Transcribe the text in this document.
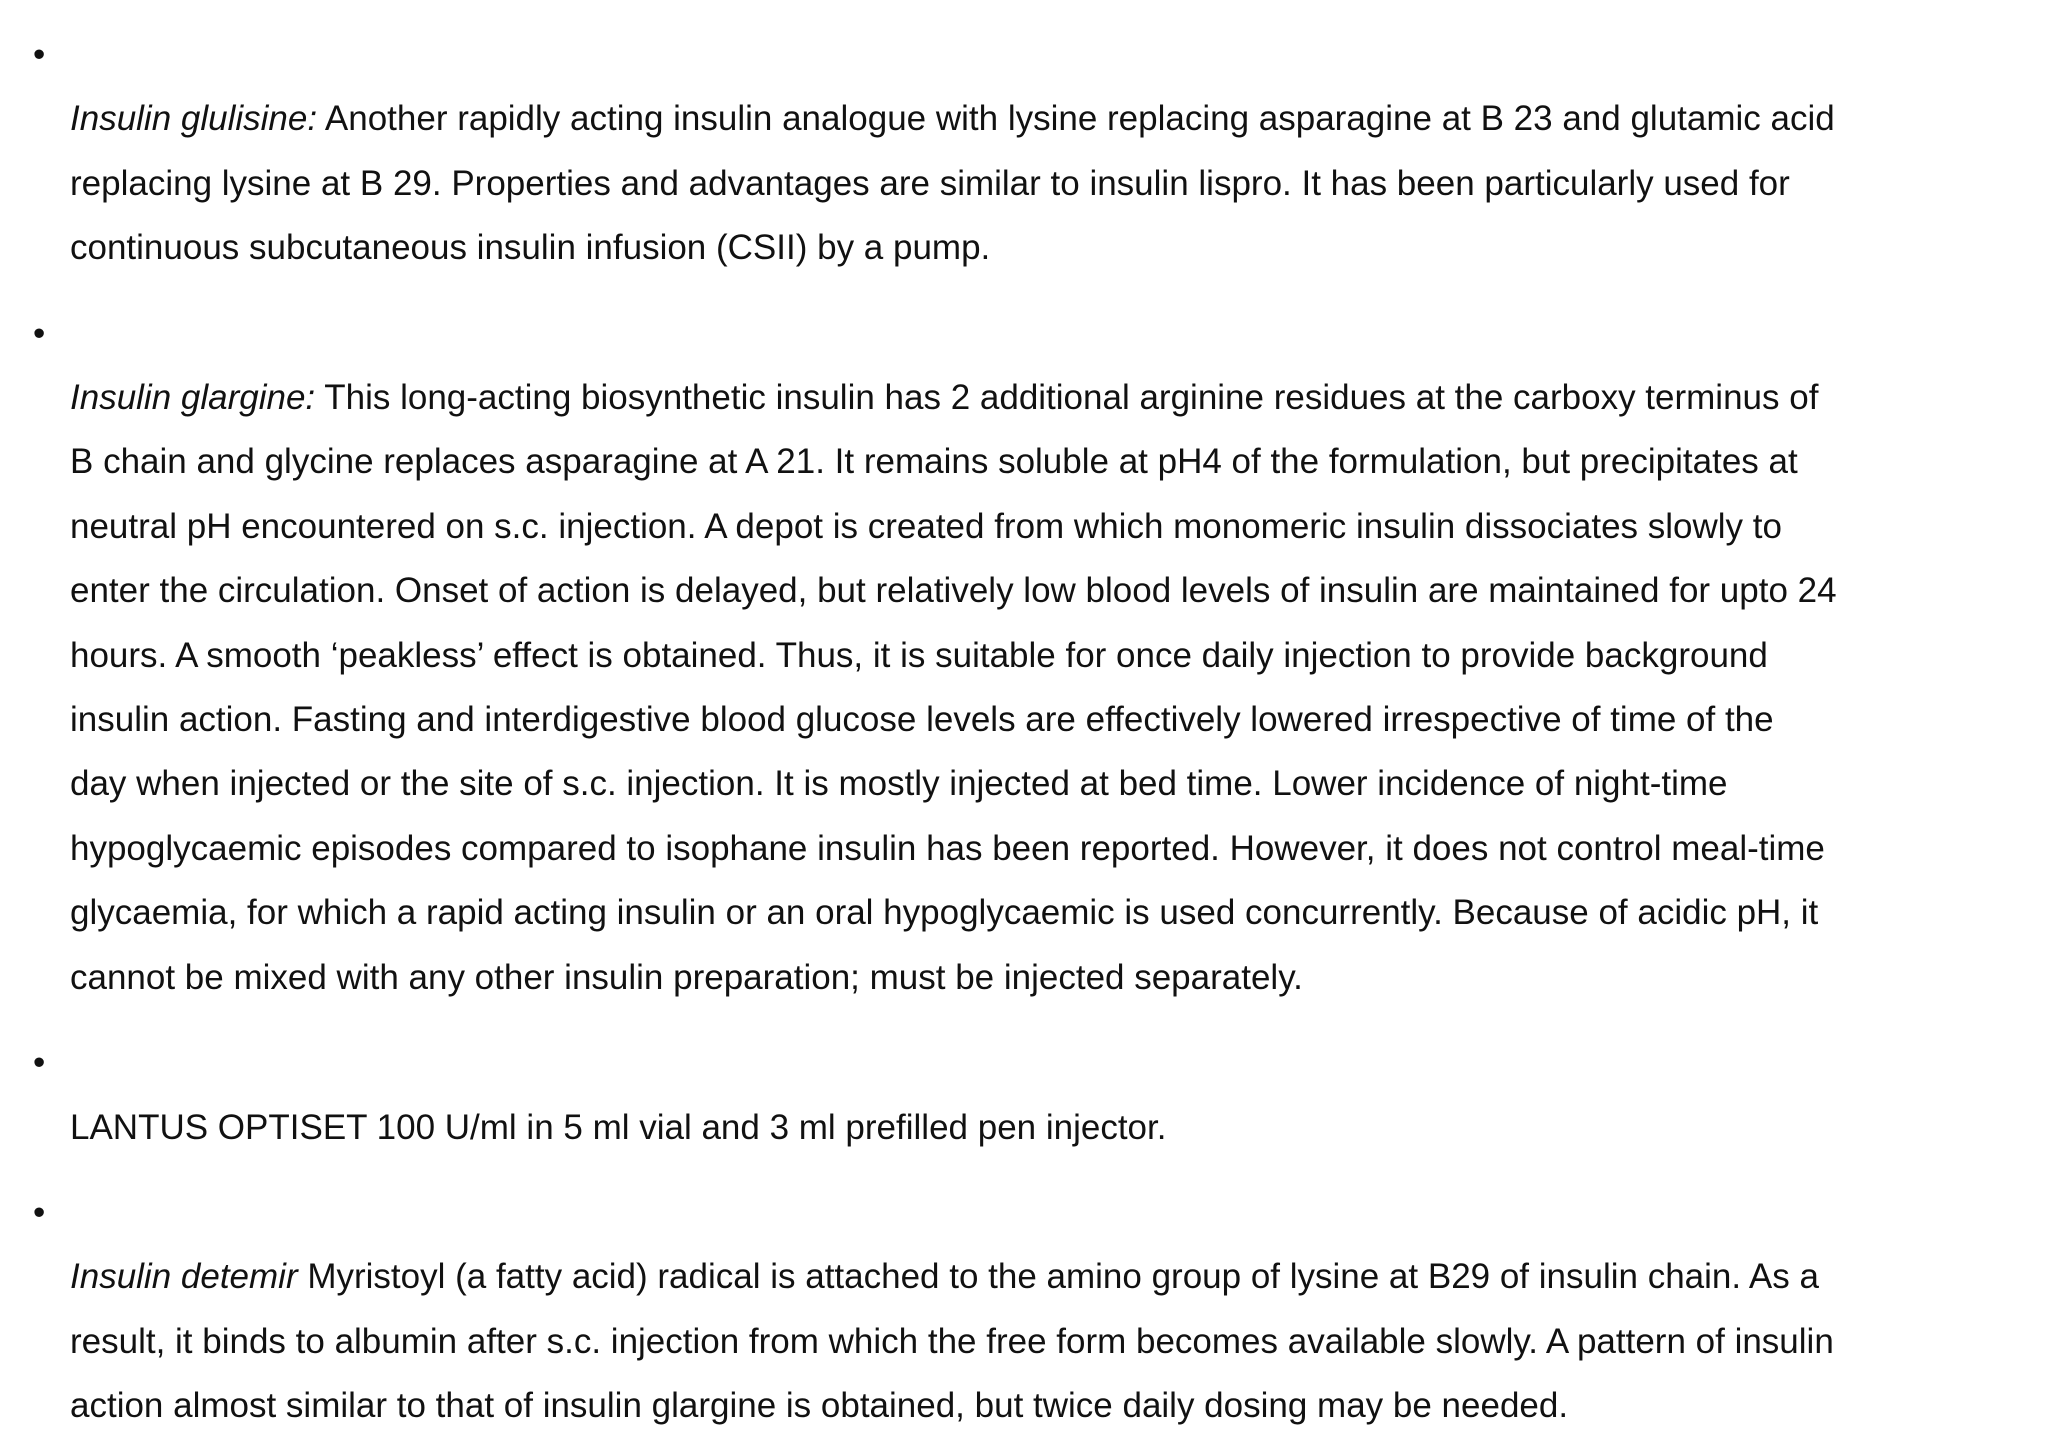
•
Insulin glulisine: Another rapidly acting insulin analogue with lysine replacing asparagine at B 23 and glutamic acid
replacing lysine at B 29. Properties and advantages are similar to insulin lispro. It has been particularly used for
continuous subcutaneous insulin infusion (CSII) by a pump.

•
Insulin glargine: This long-acting biosynthetic insulin has 2 additional arginine residues at the carboxy terminus of
B chain and glycine replaces asparagine at A 21. It remains soluble at pH4 of the formulation, but precipitates at
neutral pH encountered on s.c. injection. A depot is created from which monomeric insulin dissociates slowly to
enter the circulation. Onset of action is delayed, but relatively low blood levels of insulin are maintained for upto 24
hours. A smooth ‘peakless’ effect is obtained. Thus, it is suitable for once daily injection to provide background
insulin action. Fasting and interdigestive blood glucose levels are effectively lowered irrespective of time of the
day when injected or the site of s.c. injection. It is mostly injected at bed time. Lower incidence of night-time
hypoglycaemic episodes compared to isophane insulin has been reported. However, it does not control meal-time
glycaemia, for which a rapid acting insulin or an oral hypoglycaemic is used concurrently. Because of acidic pH, it
cannot be mixed with any other insulin preparation; must be injected separately.

•
LANTUS OPTISET 100 U/ml in 5 ml vial and 3 ml prefilled pen injector.

•
Insulin detemir Myristoyl (a fatty acid) radical is attached to the amino group of lysine at B29 of insulin chain. As a
result, it binds to albumin after s.c. injection from which the free form becomes available slowly. A pattern of insulin
action almost similar to that of insulin glargine is obtained, but twice daily dosing may be needed.
